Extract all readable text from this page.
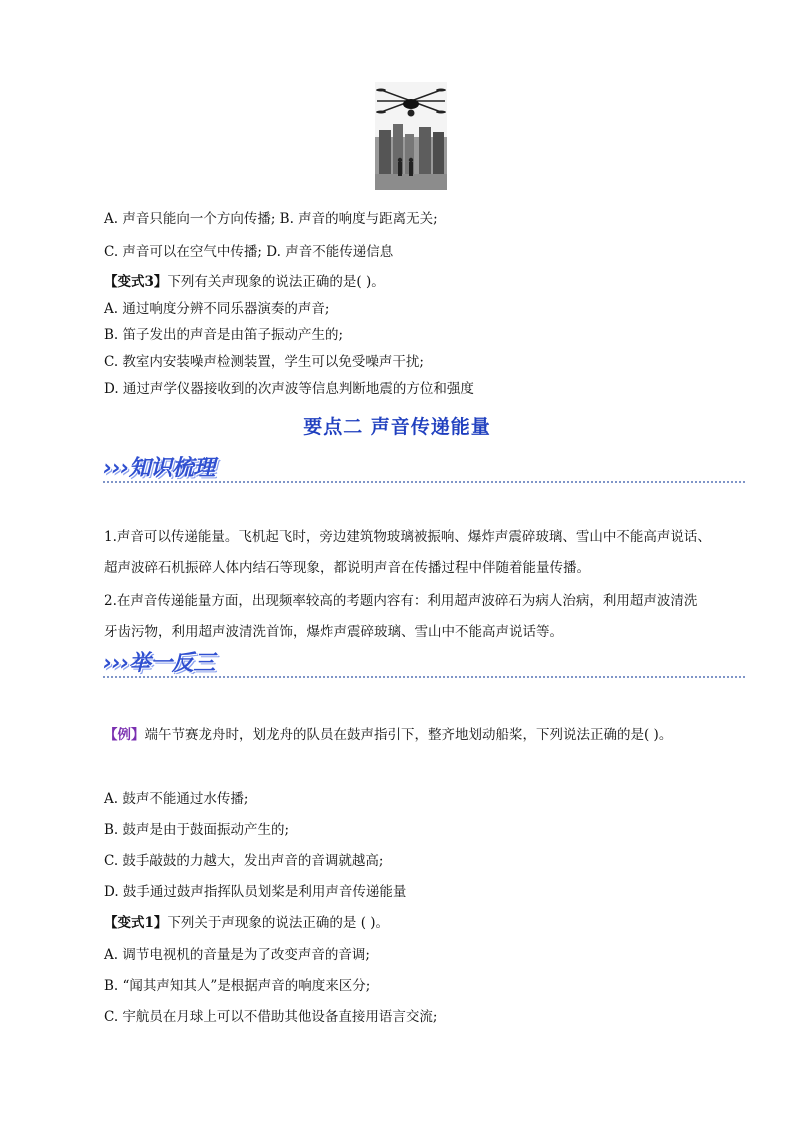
A. 声音只能向一个方向传播; B. 声音的响度与距离无关;
C. 声音可以在空气中传播; D. 声音不能传递信息
【变式3】下列有关声现象的说法正确的是( )。
A. 通过响度分辨不同乐器演奏的声音;
B. 笛子发出的声音是由笛子振动产生的;
C. 教室内安装噪声检测装置，学生可以免受噪声干扰;
D. 通过声学仪器接收到的次声波等信息判断地震的方位和强度
要点二 声音传递能量
›››知识梳理
1.声音可以传递能量。飞机起飞时，旁边建筑物玻璃被振响、爆炸声震碎玻璃、雪山中不能高声说话、
超声波碎石机振碎人体内结石等现象，都说明声音在传播过程中伴随着能量传播。
2.在声音传递能量方面，出现频率较高的考题内容有：利用超声波碎石为病人治病，利用超声波清洗
牙齿污物，利用超声波清洗首饰，爆炸声震碎玻璃、雪山中不能高声说话等。
›››举一反三
【例】端午节赛龙舟时，划龙舟的队员在鼓声指引下，整齐地划动船桨，下列说法正确的是( )。
A. 鼓声不能通过水传播;
B. 鼓声是由于鼓面振动产生的;
C. 鼓手敲鼓的力越大，发出声音的音调就越高;
D. 鼓手通过鼓声指挥队员划桨是利用声音传递能量
【变式1】下列关于声现象的说法正确的是 ( )。
A. 调节电视机的音量是为了改变声音的音调;
B. “闻其声知其人”是根据声音的响度来区分;
C. 宇航员在月球上可以不借助其他设备直接用语言交流;
